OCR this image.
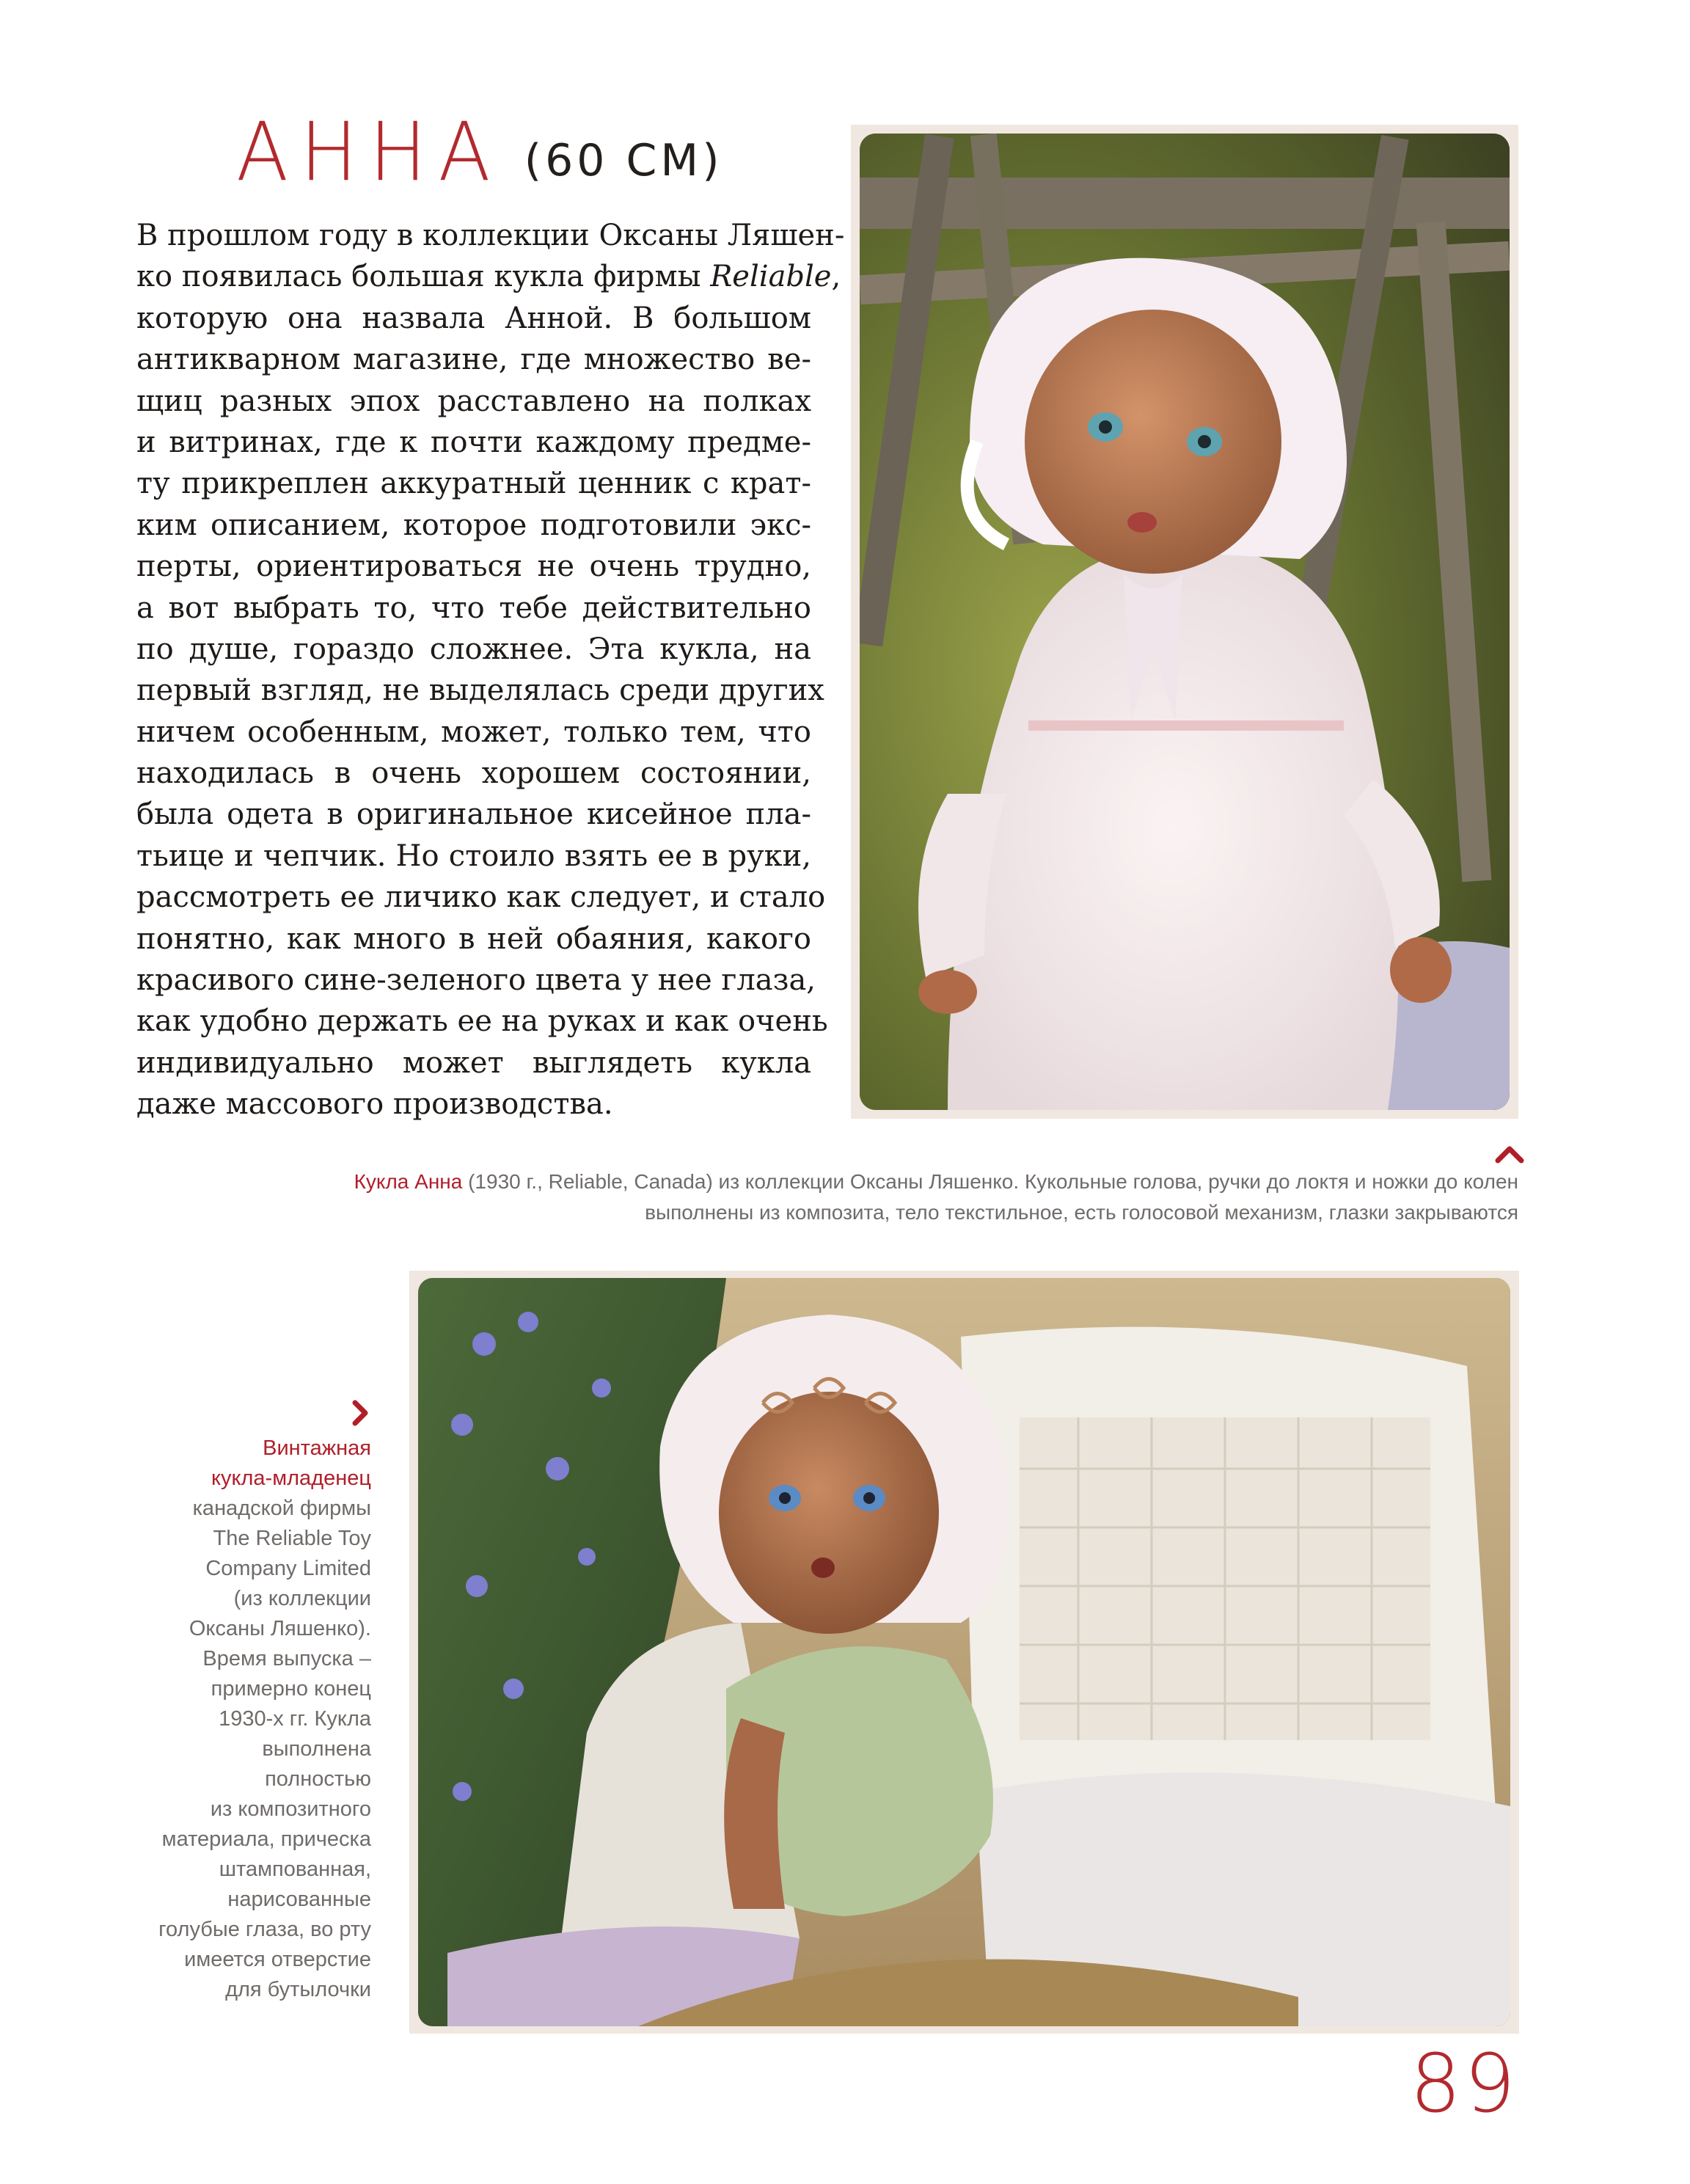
АННА (60 СМ)
В прошлом году в коллекции Оксаны Ляшен-
ко появилась большая кукла фирмы Reliable,
которую она назвала Анной. В большом
антикварном магазине, где множество ве-
щиц разных эпох расставлено на полках
и витринах, где к почти каждому предме-
ту прикреплен аккуратный ценник с крат-
ким описанием, которое подготовили экс-
перты, ориентироваться не очень трудно,
а вот выбрать то, что тебе действительно
по душе, гораздо сложнее. Эта кукла, на
первый взгляд, не выделялась среди других
ничем особенным, может, только тем, что
находилась в очень хорошем состоянии,
была одета в оригинальное кисейное пла-
тьице и чепчик. Но стоило взять ее в руки,
рассмотреть ее личико как следует, и стало
понятно, как много в ней обаяния, какого
красивого сине-зеленого цвета у нее глаза,
как удобно держать ее на руках и как очень
индивидуально может выглядеть кукла
даже массового производства.
Кукла Анна (1930 г., Reliable, Canada) из коллекции Оксаны Ляшенко. Кукольные голова, ручки до локтя и ножки до колен
выполнены из композита, тело текстильное, есть голосовой механизм, глазки закрываются
Винтажная
кукла-младенец
канадской фирмы
The Reliable Toy
Company Limited
(из коллекции
Оксаны Ляшенко).
Время выпуска –
примерно конец
1930-х гг. Кукла
выполнена
полностью
из композитного
материала, прическа
штампованная,
нарисованные
голубые глаза, во рту
имеется отверстие
для бутылочки
89
